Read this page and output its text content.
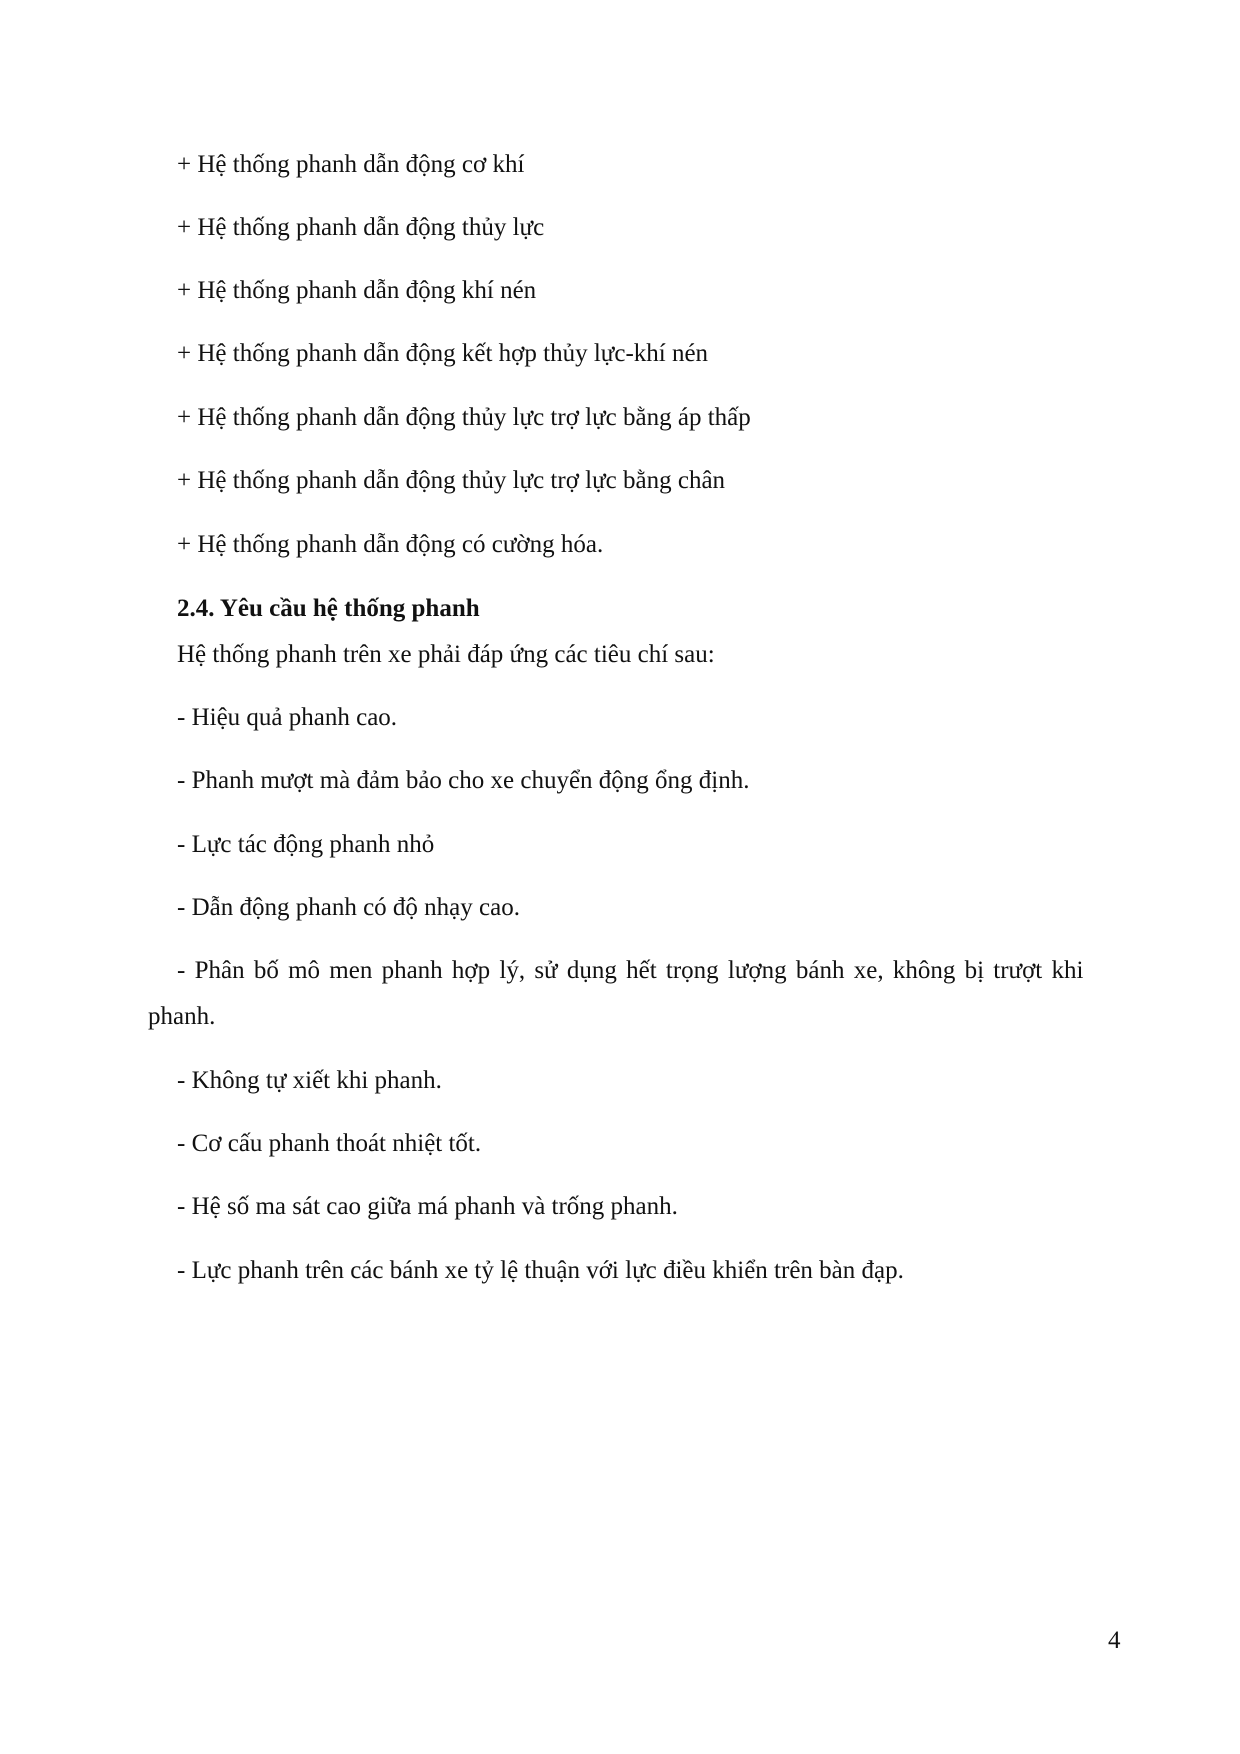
+ Hệ thống phanh dẫn động cơ khí
+ Hệ thống phanh dẫn động thủy lực
+ Hệ thống phanh dẫn động khí nén
+ Hệ thống phanh dẫn động kết hợp thủy lực-khí nén
+ Hệ thống phanh dẫn động thủy lực trợ lực bằng áp thấp
+ Hệ thống phanh dẫn động thủy lực trợ lực bằng chân
+ Hệ thống phanh dẫn động có cường hóa.
2.4. Yêu cầu hệ thống phanh
Hệ thống phanh trên xe phải đáp ứng các tiêu chí sau:
- Hiệu quả phanh cao.
- Phanh mượt mà đảm bảo cho xe chuyển động ổng định.
- Lực tác động phanh nhỏ
- Dẫn động phanh có độ nhạy cao.
- Phân bố mô men phanh hợp lý, sử dụng hết trọng lượng bánh xe, không bị trượt khi
phanh.
- Không tự xiết khi phanh.
- Cơ cấu phanh thoát nhiệt tốt.
- Hệ số ma sát cao giữa má phanh và trống phanh.
- Lực phanh trên các bánh xe tỷ lệ thuận với lực điều khiển trên bàn đạp.
4
